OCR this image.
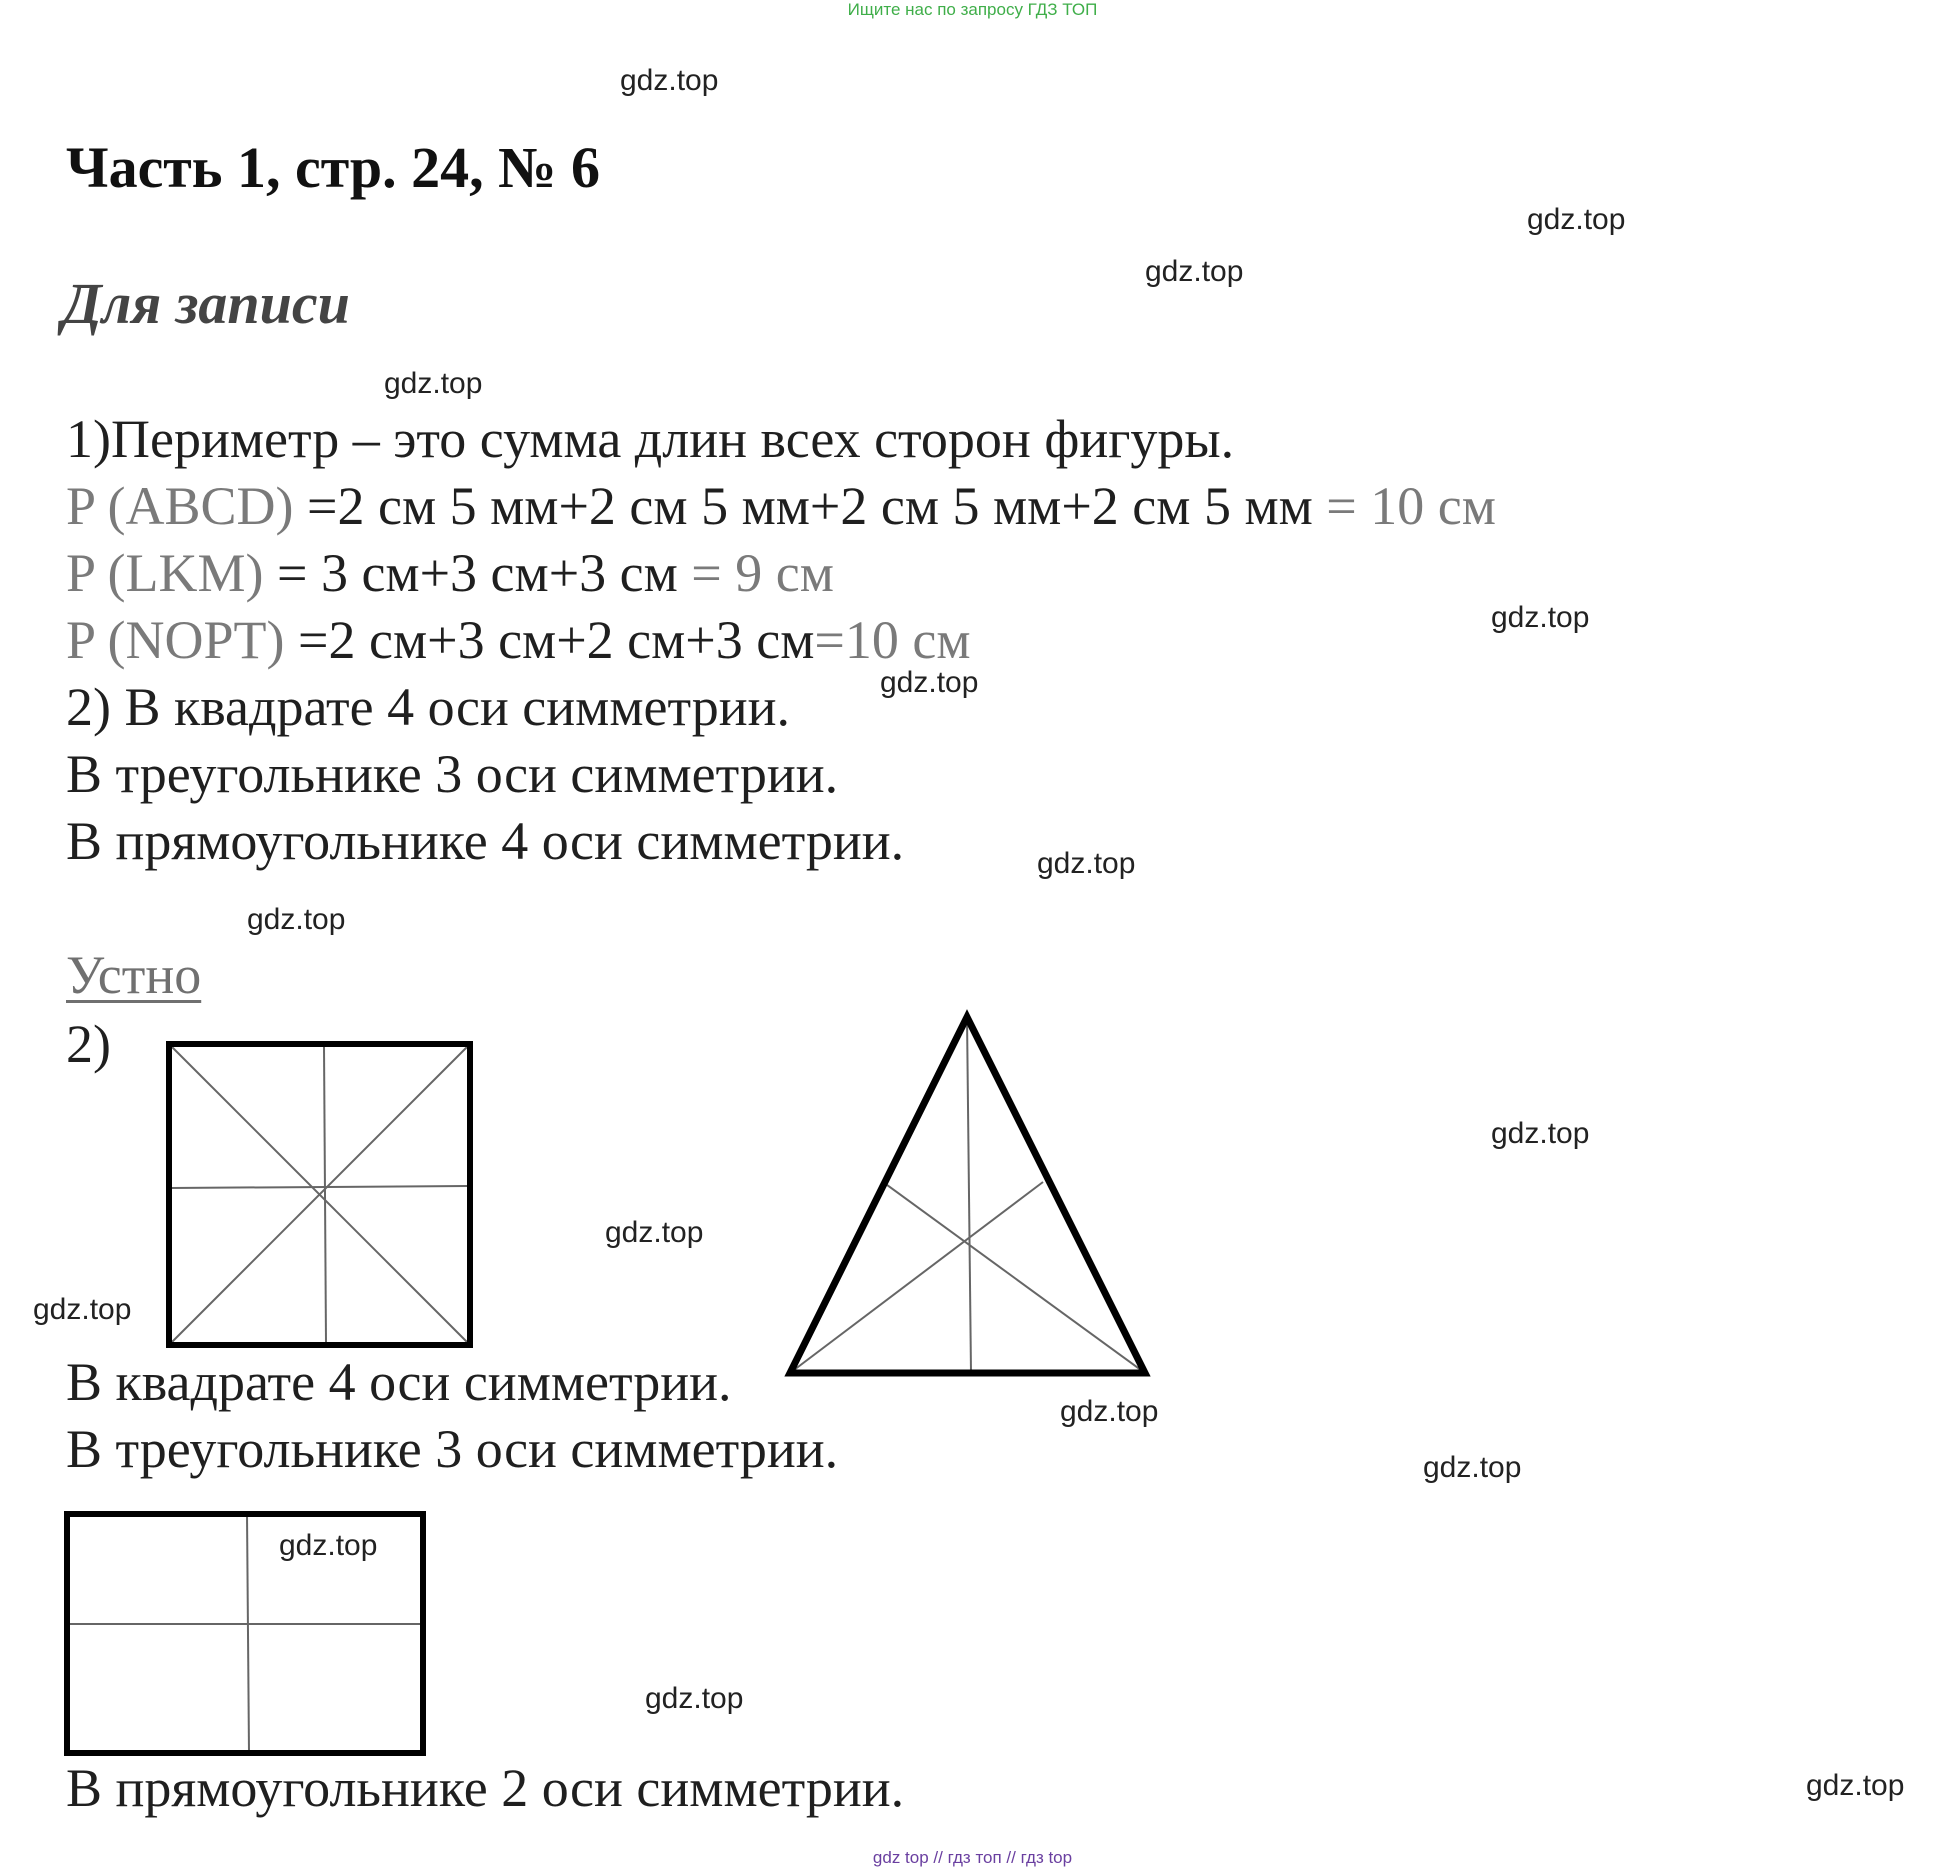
Ищите нас по запросу ГДЗ ТОП
gdz.top
gdz.top
gdz.top
gdz.top
gdz.top
gdz.top
gdz.top
gdz.top
gdz.top
gdz.top
gdz.top
gdz.top
gdz.top
gdz.top
gdz.top
gdz.top
Часть 1, стр. 24, № 6
Для записи
1)Периметр – это сумма длин всех сторон фигуры.
P (ABCD) =2 см 5 мм+2 см 5 мм+2 см 5 мм+2 см 5 мм = 10 см
P (LKM) = 3 см+3 см+3 см = 9 см
P (NOPT) =2 см+3 см+2 см+3 см=10 см
2) В квадрате 4 оси симметрии.
В треугольнике 3 оси симметрии.
В прямоугольнике 4 оси симметрии.
Устно
2)
В квадрате 4 оси симметрии.
В треугольнике 3 оси симметрии.
В прямоугольнике 2 оси симметрии.
gdz top // гдз топ // гдз top
